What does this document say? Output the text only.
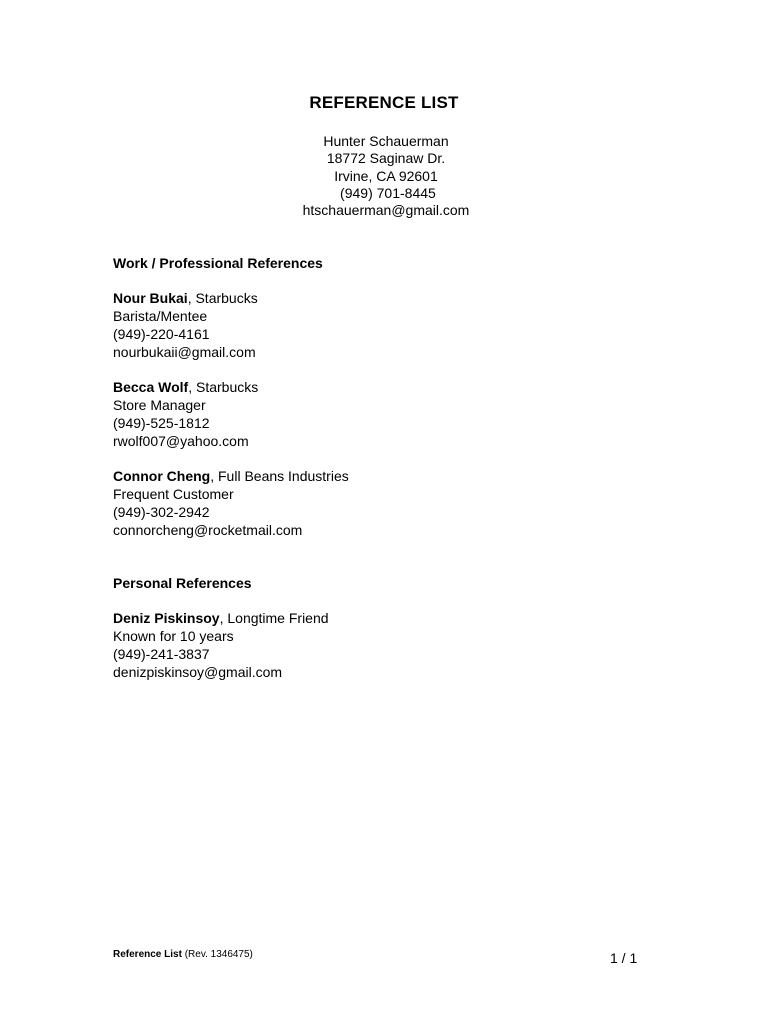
REFERENCE LIST
Hunter Schauerman
18772 Saginaw Dr.
Irvine, CA 92601
(949) 701-8445
htschauerman@gmail.com
Work / Professional References
Nour Bukai, Starbucks
Barista/Mentee
(949)-220-4161
nourbukaii@gmail.com
Becca Wolf, Starbucks
Store Manager
(949)-525-1812
rwolf007@yahoo.com
Connor Cheng, Full Beans Industries
Frequent Customer
(949)-302-2942
connorcheng@rocketmail.com
Personal References
Deniz Piskinsoy, Longtime Friend
Known for 10 years
(949)-241-3837
denizpiskinsoy@gmail.com
Reference List (Rev. 1346475)	1 / 1
